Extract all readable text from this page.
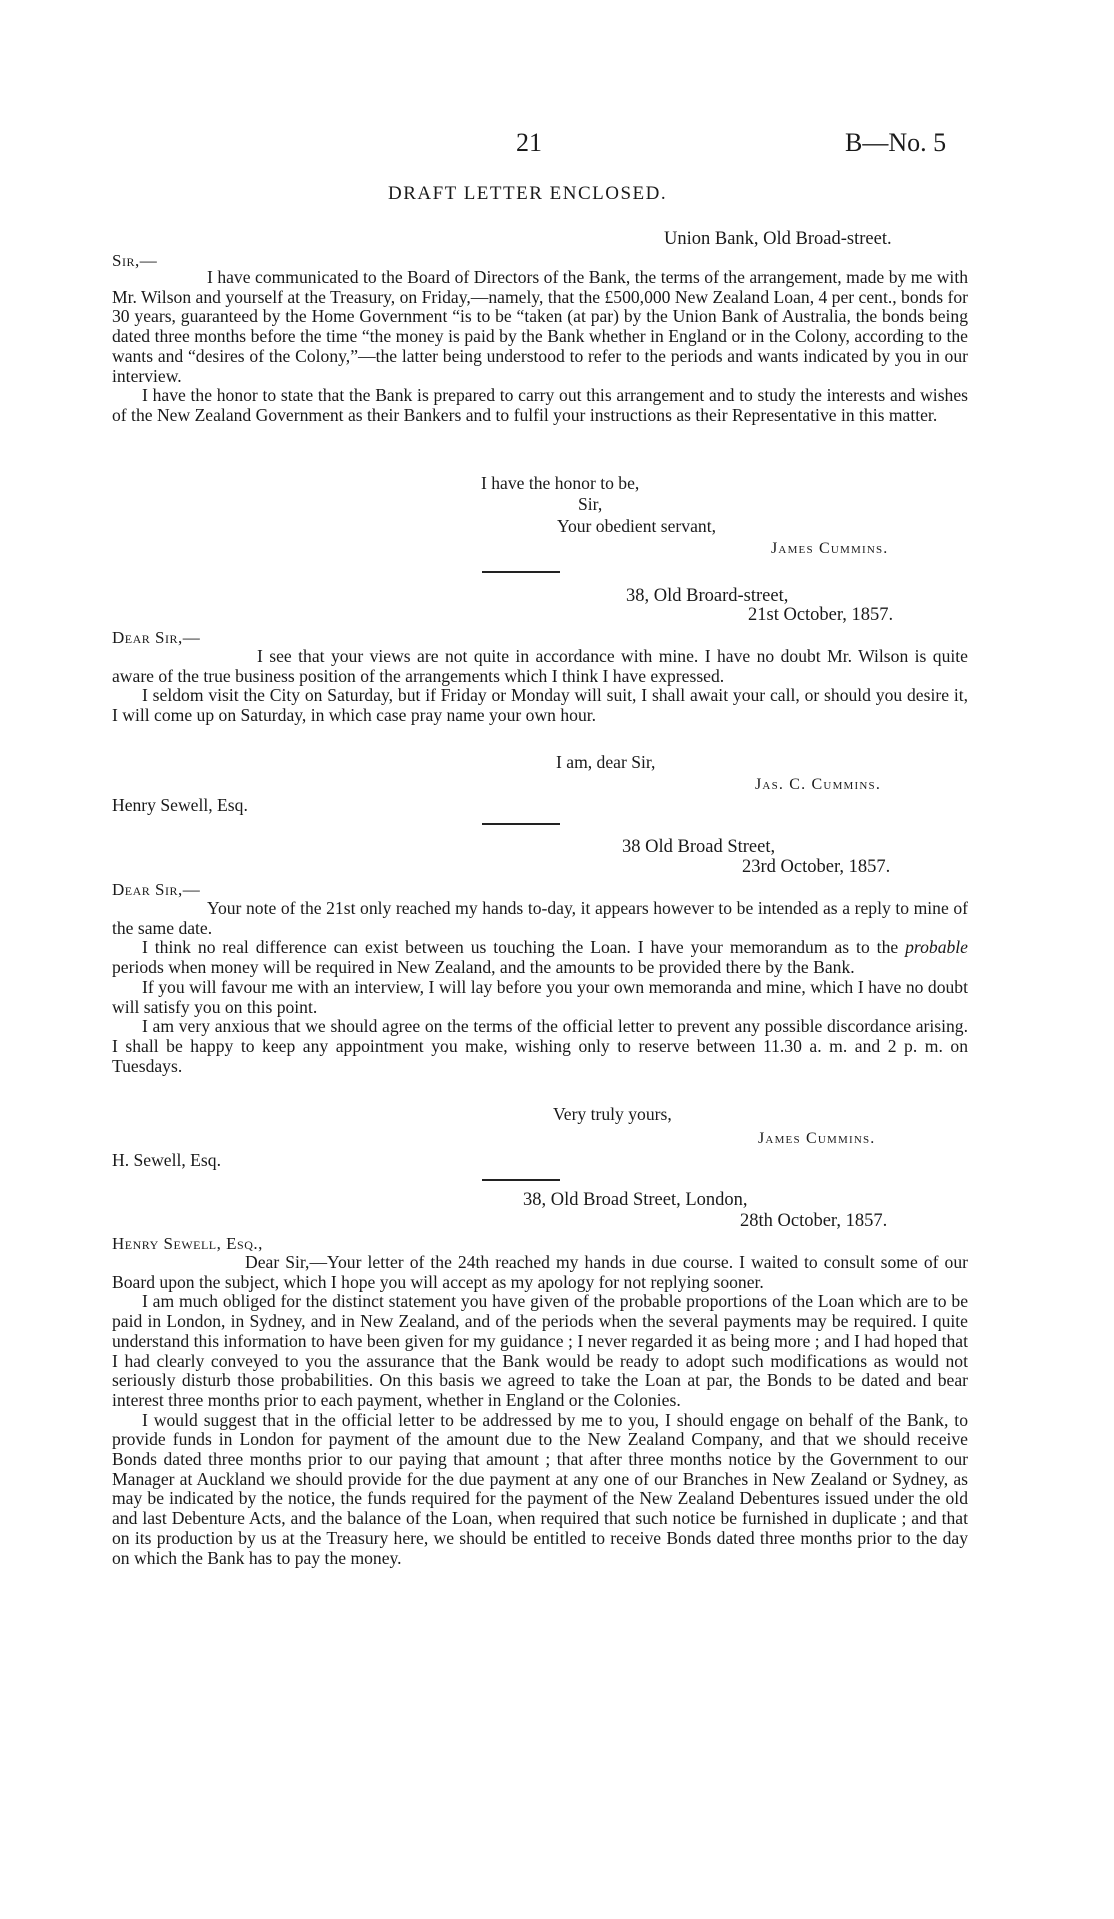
21	B—No. 5
DRAFT LETTER ENCLOSED.
Union Bank, Old Broad-street.
Sir,—

I have communicated to the Board of Directors of the Bank, the terms of the arrangement, made by me with Mr. Wilson and yourself at the Treasury, on Friday,—namely, that the £500,000 New Zealand Loan, 4 per cent., bonds for 30 years, guaranteed by the Home Government “is to be “taken (at par) by the Union Bank of Australia, the bonds being dated three months before the time “the money is paid by the Bank whether in England or in the Colony, according to the wants and “desires of the Colony,”—the latter being understood to refer to the periods and wants indicated by you in our interview.

I have the honor to state that the Bank is prepared to carry out this arrangement and to study the interests and wishes of the New Zealand Government as their Bankers and to fulfil your instructions as their Representative in this matter.

I have the honor to be,
Sir,
Your obedient servant,
James Cummins.
38, Old Broard-street,
21st October, 1857.
Dear Sir,—

I see that your views are not quite in accordance with mine. I have no doubt Mr. Wilson is quite aware of the true business position of the arrangements which I think I have expressed.

I seldom visit the City on Saturday, but if Friday or Monday will suit, I shall await your call, or should you desire it, I will come up on Saturday, in which case pray name your own hour.

I am, dear Sir,
Jas. C. Cummins.
Henry Sewell, Esq.
38 Old Broad Street,
23rd October, 1857.
Dear Sir,—

Your note of the 21st only reached my hands to-day, it appears however to be intended as a reply to mine of the same date.

I think no real difference can exist between us touching the Loan. I have your memorandum as to the probable periods when money will be required in New Zealand, and the amounts to be provided there by the Bank.

If you will favour me with an interview, I will lay before you your own memoranda and mine, which I have no doubt will satisfy you on this point.

I am very anxious that we should agree on the terms of the official letter to prevent any possible discordance arising. I shall be happy to keep any appointment you make, wishing only to reserve between 11.30 a. m. and 2 p. m. on Tuesdays.

Very truly yours,
James Cummins.
H. Sewell, Esq.
38, Old Broad Street, London,
28th October, 1857.
Henry Sewell, Esq.,

Dear Sir,—Your letter of the 24th reached my hands in due course. I waited to consult some of our Board upon the subject, which I hope you will accept as my apology for not replying sooner.

I am much obliged for the distinct statement you have given of the probable proportions of the Loan which are to be paid in London, in Sydney, and in New Zealand, and of the periods when the several payments may be required. I quite understand this information to have been given for my guidance ; I never regarded it as being more ; and I had hoped that I had clearly conveyed to you the assurance that the Bank would be ready to adopt such modifications as would not seriously disturb those probabilities. On this basis we agreed to take the Loan at par, the Bonds to be dated and bear interest three months prior to each payment, whether in England or the Colonies.

I would suggest that in the official letter to be addressed by me to you, I should engage on behalf of the Bank, to provide funds in London for payment of the amount due to the New Zealand Company, and that we should receive Bonds dated three months prior to our paying that amount ; that after three months notice by the Government to our Manager at Auckland we should provide for the due payment at any one of our Branches in New Zealand or Sydney, as may be indicated by the notice, the funds required for the payment of the New Zealand Debentures issued under the old and last Debenture Acts, and the balance of the Loan, when required that such notice be furnished in duplicate ; and that on its production by us at the Treasury here, we should be entitled to receive Bonds dated three months prior to the day on which the Bank has to pay the money.
